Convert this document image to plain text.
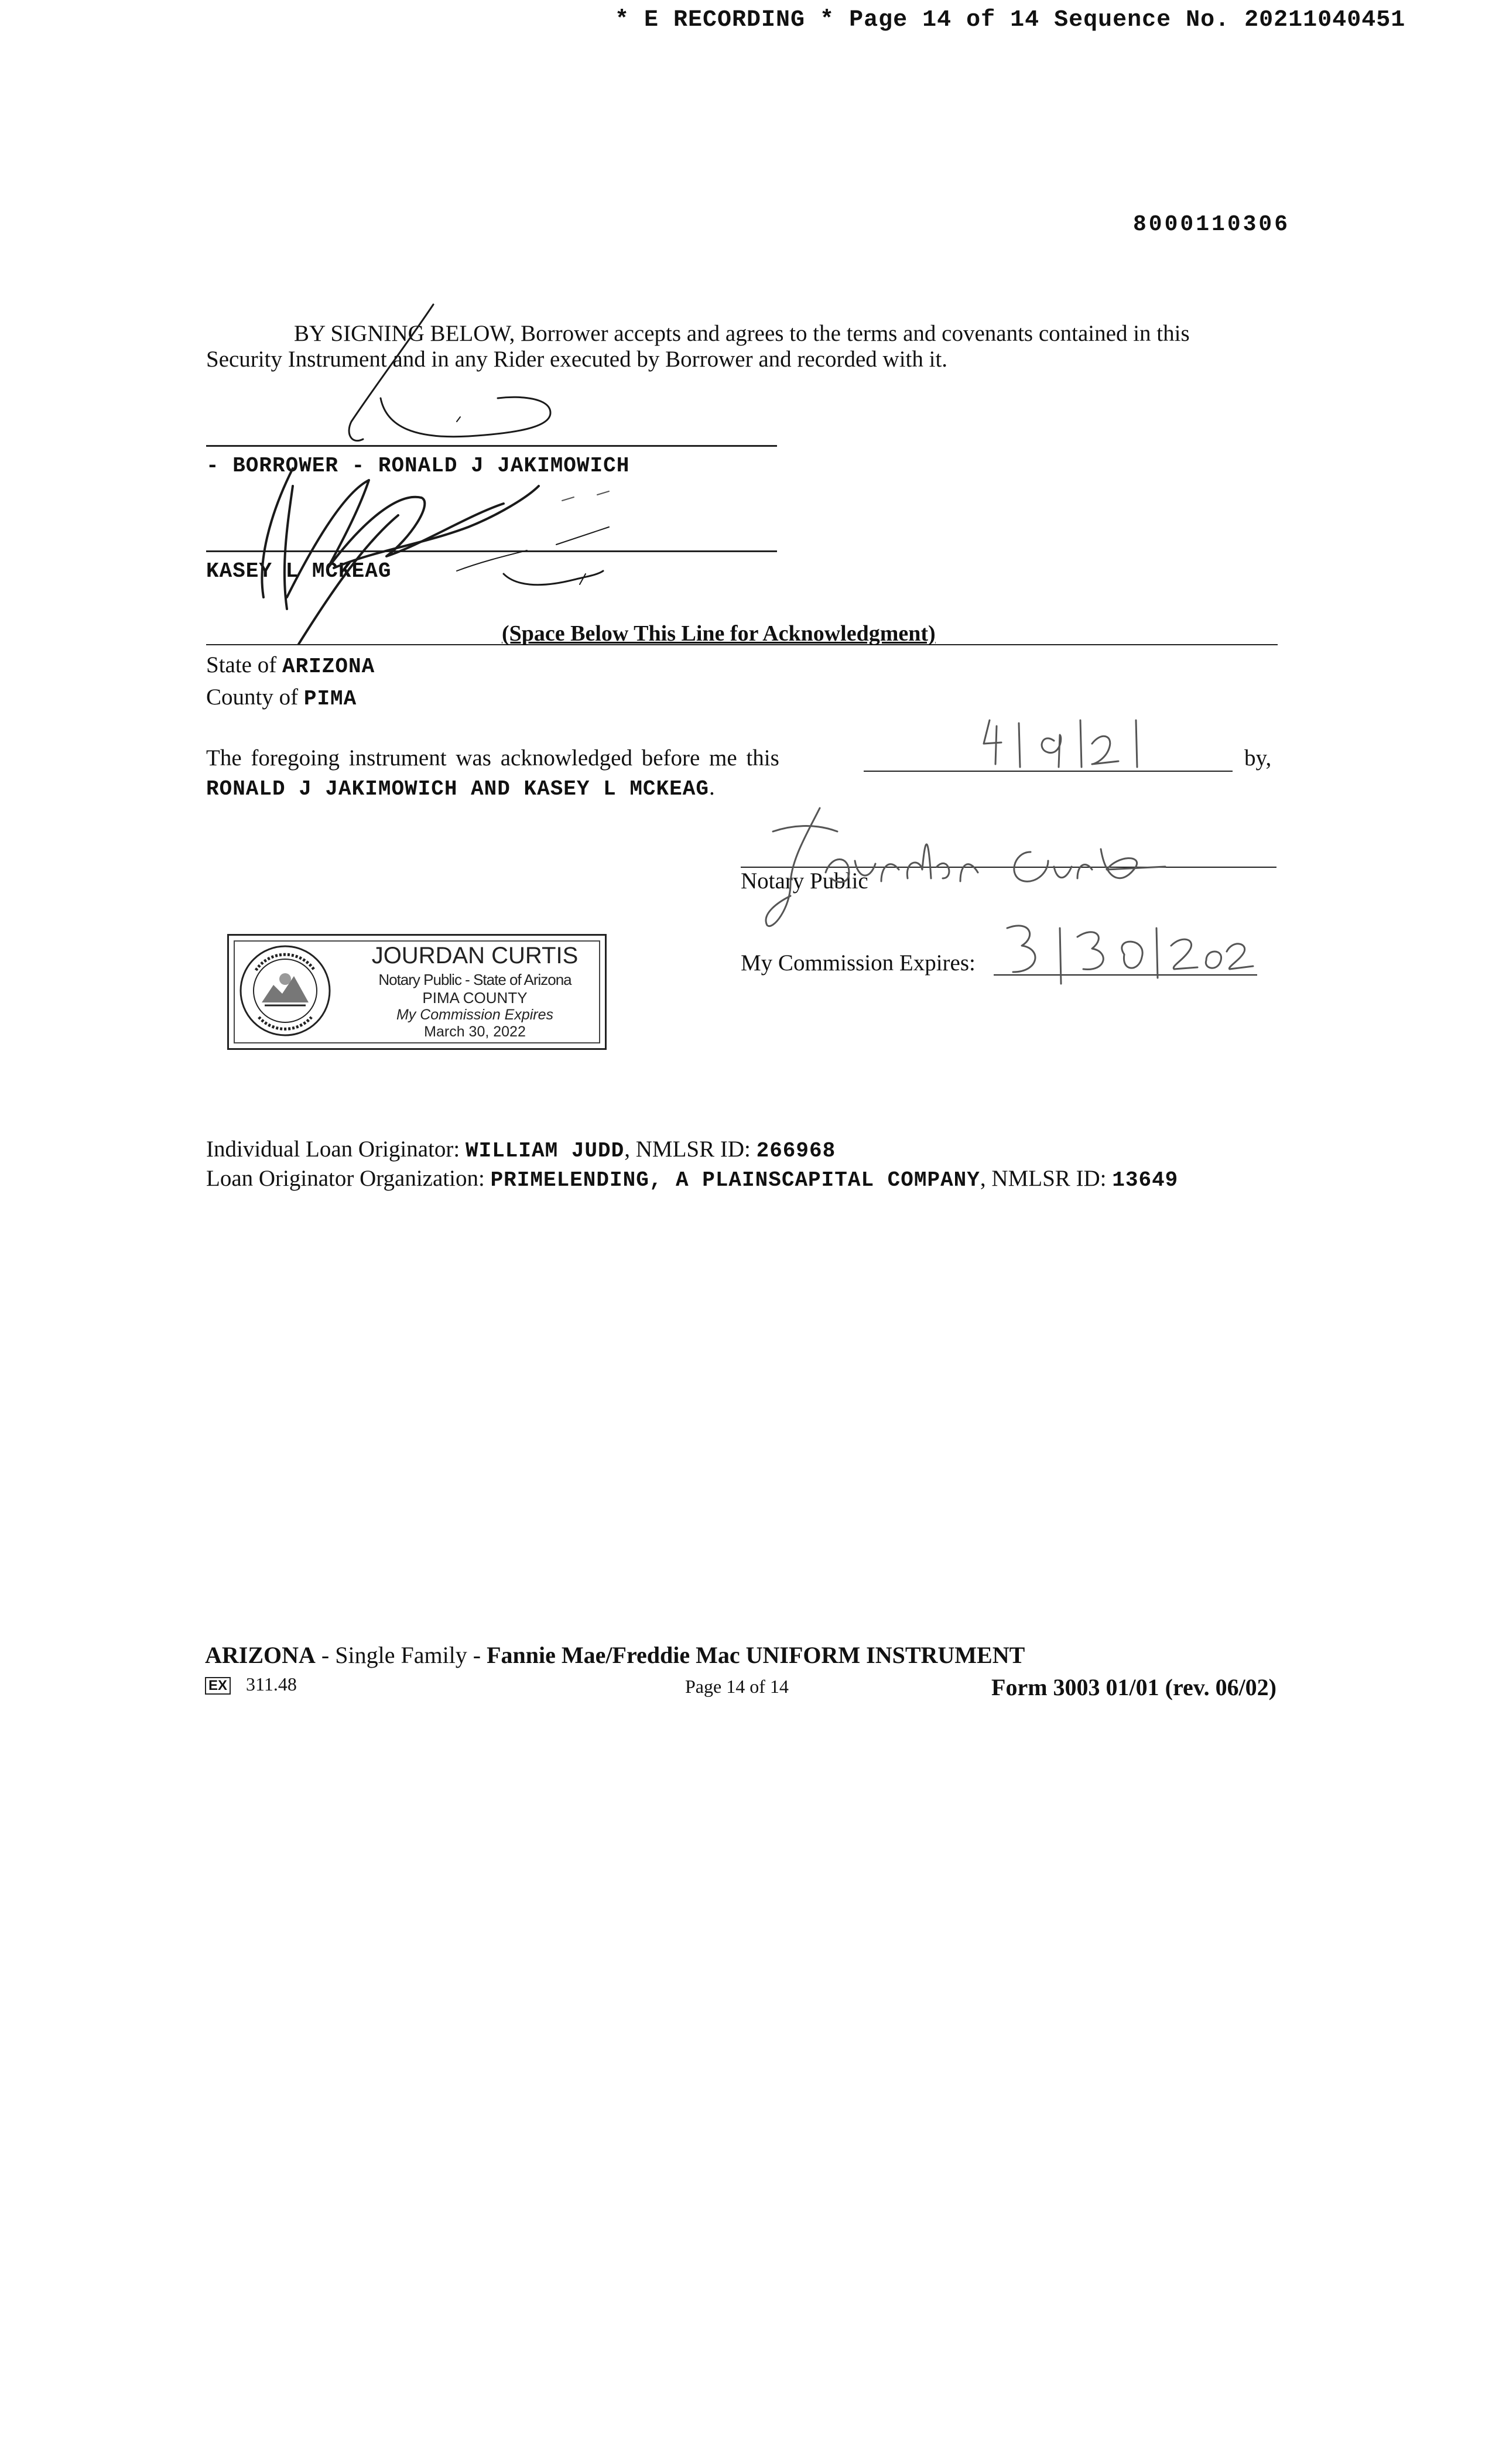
* E RECORDING * Page 14 of 14 Sequence No. 20211040451
8000110306
BY SIGNING BELOW, Borrower accepts and agrees to the terms and covenants contained in this
Security Instrument and in any Rider executed by Borrower and recorded with it.
- BORROWER - RONALD J JAKIMOWICH
KASEY L MCKEAG
(Space Below This Line for Acknowledgment)
State of ARIZONA
County of PIMA
The foregoing instrument was acknowledged before me this	by,
RONALD J JAKIMOWICH AND KASEY L MCKEAG.
Notary Public
My Commission Expires:
JOURDAN CURTIS
Notary Public - State of Arizona
PIMA COUNTY
My Commission Expires
March 30, 2022
Individual Loan Originator: WILLIAM JUDD, NMLSR ID: 266968
Loan Originator Organization: PRIMELENDING, A PLAINSCAPITAL COMPANY, NMLSR ID: 13649
ARIZONA - Single Family - Fannie Mae/Freddie Mac UNIFORM INSTRUMENT
EX 311.48	Page 14 of 14	Form 3003 01/01 (rev. 06/02)
